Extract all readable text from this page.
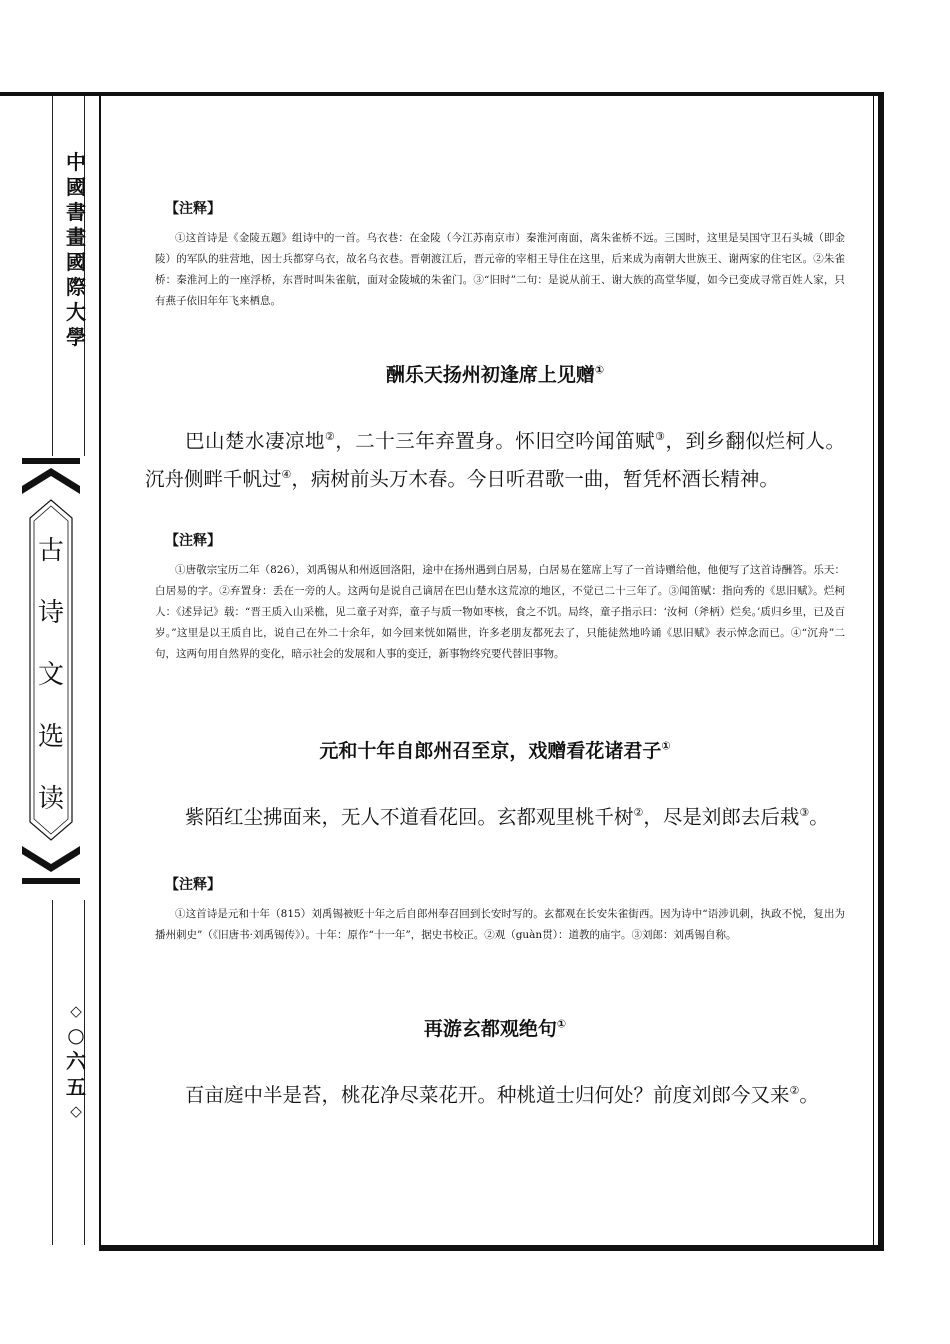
中
國
書
畫
國
際
大
學
古
诗
文
选
读
◇
○
六
五
◇
【注释】

①这首诗是《金陵五题》组诗中的一首。乌衣巷：在金陵（今江苏南京市）秦淮河南面，离朱雀桥不远。三国时，这里是吴国守卫石头城（即金陵）的军队的驻营地，因士兵都穿乌衣，故名乌衣巷。晋朝渡江后，晋元帝的宰相王导住在这里，后来成为南朝大世族王、谢两家的住宅区。②朱雀桥：秦淮河上的一座浮桥，东晋时叫朱雀航，面对金陵城的朱雀门。③“旧时”二句：是说从前王、谢大族的高堂华厦，如今已变成寻常百姓人家，只有燕子依旧年年飞来栖息。

酬乐天扬州初逢席上见赠①

巴山楚水凄凉地②，二十三年弃置身。怀旧空吟闻笛赋③，到乡翻似烂柯人。沉舟侧畔千帆过④，病树前头万木春。今日听君歌一曲，暂凭杯酒长精神。

【注释】

①唐敬宗宝历二年（826），刘禹锡从和州返回洛阳，途中在扬州遇到白居易，白居易在筵席上写了一首诗赠给他，他便写了这首诗酬答。乐天：白居易的字。②弃置身：丢在一旁的人。这两句是说自己谪居在巴山楚水这荒凉的地区，不觉已二十三年了。③闻笛赋：指向秀的《思旧赋》。烂柯人：《述异记》载：“晋王质入山采樵，见二童子对弈，童子与质一物如枣核，食之不饥。局终，童子指示曰：‘汝柯（斧柄）烂矣。’质归乡里，已及百岁。”这里是以王质自比，说自己在外二十余年，如今回来恍如隔世，许多老朋友都死去了，只能徒然地吟诵《思旧赋》表示悼念而已。④“沉舟”二句，这两句用自然界的变化，暗示社会的发展和人事的变迁，新事物终究要代替旧事物。

元和十年自郎州召至京，戏赠看花诸君子①

紫陌红尘拂面来，无人不道看花回。玄都观里桃千树②，尽是刘郎去后栽③。

【注释】

①这首诗是元和十年（815）刘禹锡被贬十年之后自郎州奉召回到长安时写的。玄都观在长安朱雀街西。因为诗中“语涉讥刺，执政不悦，复出为播州刺史”（《旧唐书·刘禹锡传》）。十年：原作“十一年”，据史书校正。②观（guàn贯）：道教的庙宇。③刘郎：刘禹锡自称。

再游玄都观绝句①

百亩庭中半是苔，桃花净尽菜花开。种桃道士归何处？前度刘郎今又来②。
